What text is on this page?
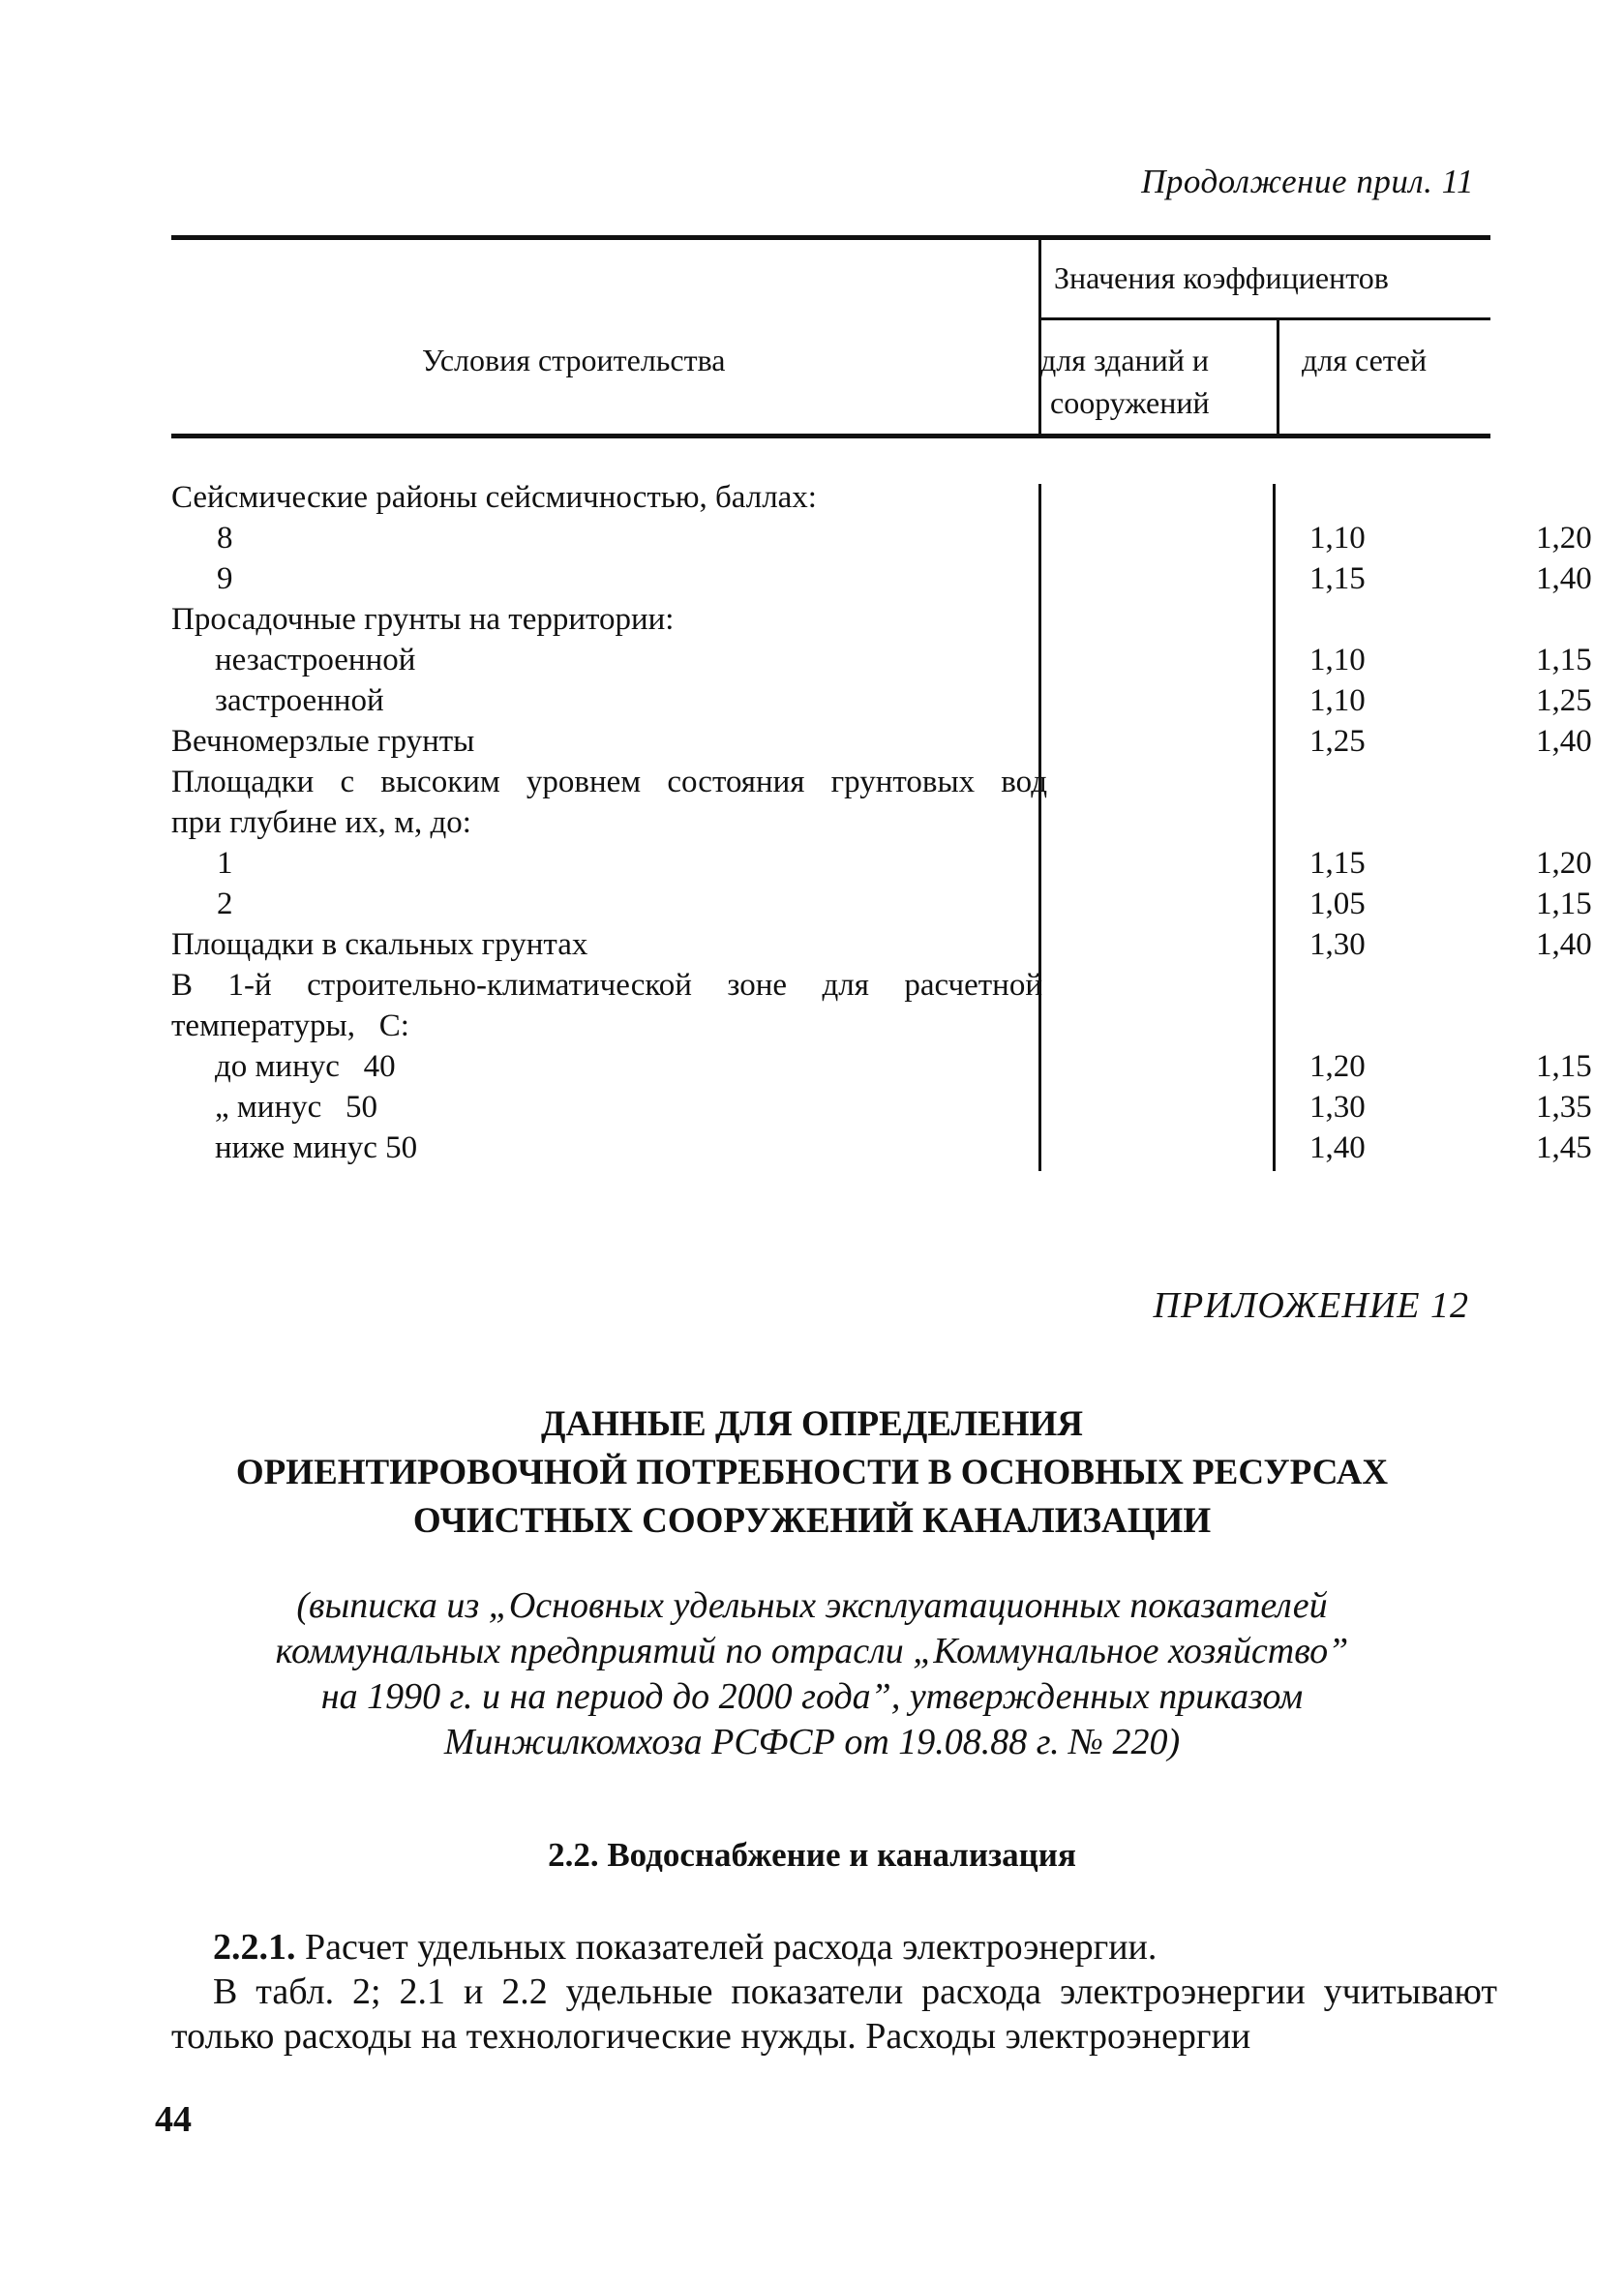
Продолжение прил. 11
Условия строительства
Значения коэффициентов
для зданий и
сооружений
для сетей
Сейсмические районы сейсмичностью, баллах:
8	1,10	1,20
9	1,15	1,40
Просадочные грунты на территории:
незастроенной	1,10	1,15
застроенной	1,10	1,25
Вечномерзлые грунты	1,25	1,40
Площадки с высоким уровнем состояния грунтовых вод
при глубине их, м, до:
1	1,15	1,20
2	1,05	1,15
Площадки в скальных грунтах	1,30	1,40
В 1-й строительно-климатической зоне для расчетной
температуры,   С:
до минус   40	1,20	1,15
„ минус   50	1,30	1,35
ниже минус 50	1,40	1,45
ПРИЛОЖЕНИЕ 12
ДАННЫЕ ДЛЯ ОПРЕДЕЛЕНИЯ
ОРИЕНТИРОВОЧНОЙ ПОТРЕБНОСТИ В ОСНОВНЫХ РЕСУРСАХ
ОЧИСТНЫХ СООРУЖЕНИЙ КАНАЛИЗАЦИИ
(выписка из „Основных удельных эксплуатационных показателей
коммунальных предприятий по отрасли „Коммунальное хозяйство”
на 1990 г. и на период до 2000 года”, утвержденных приказом
Минжилкомхоза РСФСР от 19.08.88 г. № 220)
2.2. Водоснабжение и канализация

2.2.1. Расчет удельных показателей расхода электроэнергии.

В табл. 2; 2.1 и 2.2 удельные показатели расхода электроэнергии учитывают только расходы на технологические нужды. Расходы электроэнергии

44
